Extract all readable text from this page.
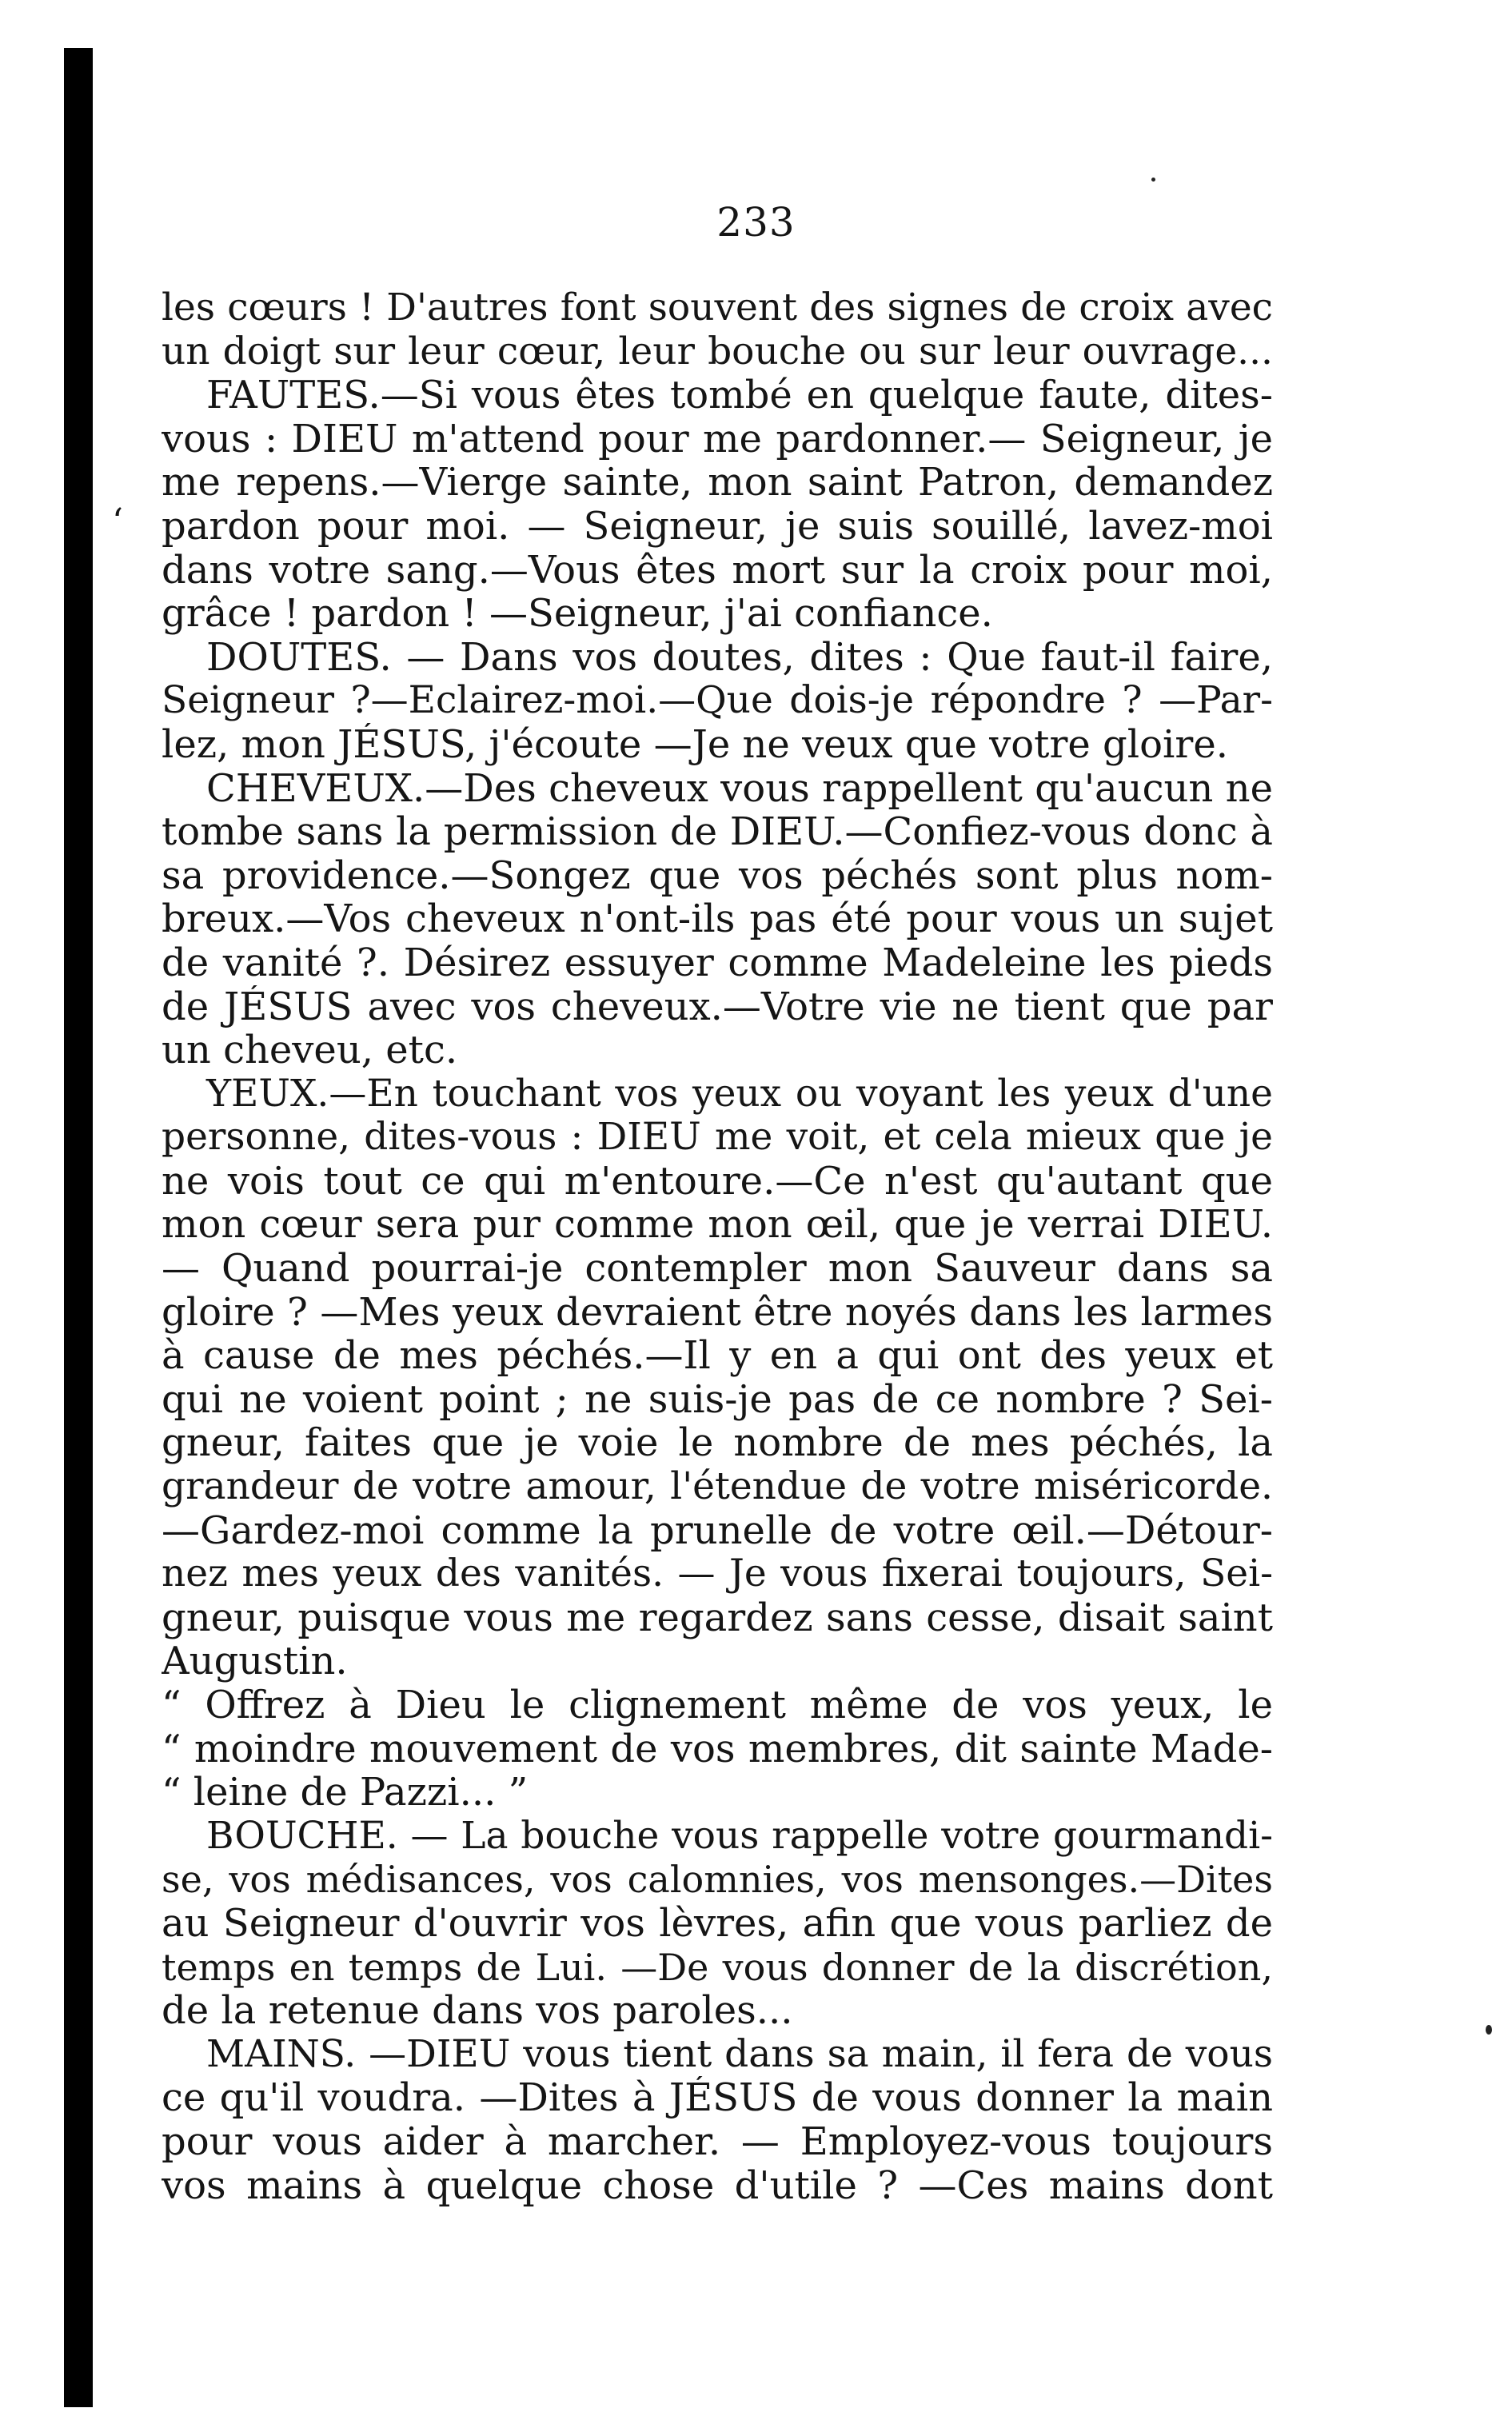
233
‘
les cœurs ! D'autres font souvent des signes de croix avec
un doigt sur leur cœur, leur bouche ou sur leur ouvrage...
FAUTES.—Si vous êtes tombé en quelque faute, dites-
vous : DIEU m'attend pour me pardonner.— Seigneur, je
me repens.—Vierge sainte, mon saint Patron, demandez
pardon pour moi. — Seigneur, je suis souillé, lavez-moi
dans votre sang.—Vous êtes mort sur la croix pour moi,
grâce ! pardon ! —Seigneur, j'ai confiance.
DOUTES. — Dans vos doutes, dites : Que faut-il faire,
Seigneur ?—Eclairez-moi.—Que dois-je répondre ? —Par-
lez, mon JÉSUS, j'écoute —Je ne veux que votre gloire.
CHEVEUX.—Des cheveux vous rappellent qu'aucun ne
tombe sans la permission de DIEU.—Confiez-vous donc à
sa providence.—Songez que vos péchés sont plus nom-
breux.—Vos cheveux n'ont-ils pas été pour vous un sujet
de vanité ?. Désirez essuyer comme Madeleine les pieds
de JÉSUS avec vos cheveux.—Votre vie ne tient que par
un cheveu, etc.
YEUX.—En touchant vos yeux ou voyant les yeux d'une
personne, dites-vous : DIEU me voit, et cela mieux que je
ne vois tout ce qui m'entoure.—Ce n'est qu'autant que
mon cœur sera pur comme mon œil, que je verrai DIEU.
— Quand pourrai-je contempler mon Sauveur dans sa
gloire ? —Mes yeux devraient être noyés dans les larmes
à cause de mes péchés.—Il y en a qui ont des yeux et
qui ne voient point ; ne suis-je pas de ce nombre ? Sei-
gneur, faites que je voie le nombre de mes péchés, la
grandeur de votre amour, l'étendue de votre miséricorde.
—Gardez-moi comme la prunelle de votre œil.—Détour-
nez mes yeux des vanités. — Je vous fixerai toujours, Sei-
gneur, puisque vous me regardez sans cesse, disait saint
Augustin.
“ Offrez à Dieu le clignement même de vos yeux, le
“ moindre mouvement de vos membres, dit sainte Made-
“ leine de Pazzi... ”
BOUCHE. — La bouche vous rappelle votre gourmandi-
se, vos médisances, vos calomnies, vos mensonges.—Dites
au Seigneur d'ouvrir vos lèvres, afin que vous parliez de
temps en temps de Lui. —De vous donner de la discrétion,
de la retenue dans vos paroles...
MAINS. —DIEU vous tient dans sa main, il fera de vous
ce qu'il voudra. —Dites à JÉSUS de vous donner la main
pour vous aider à marcher. — Employez-vous toujours
vos mains à quelque chose d'utile ? —Ces mains dont
